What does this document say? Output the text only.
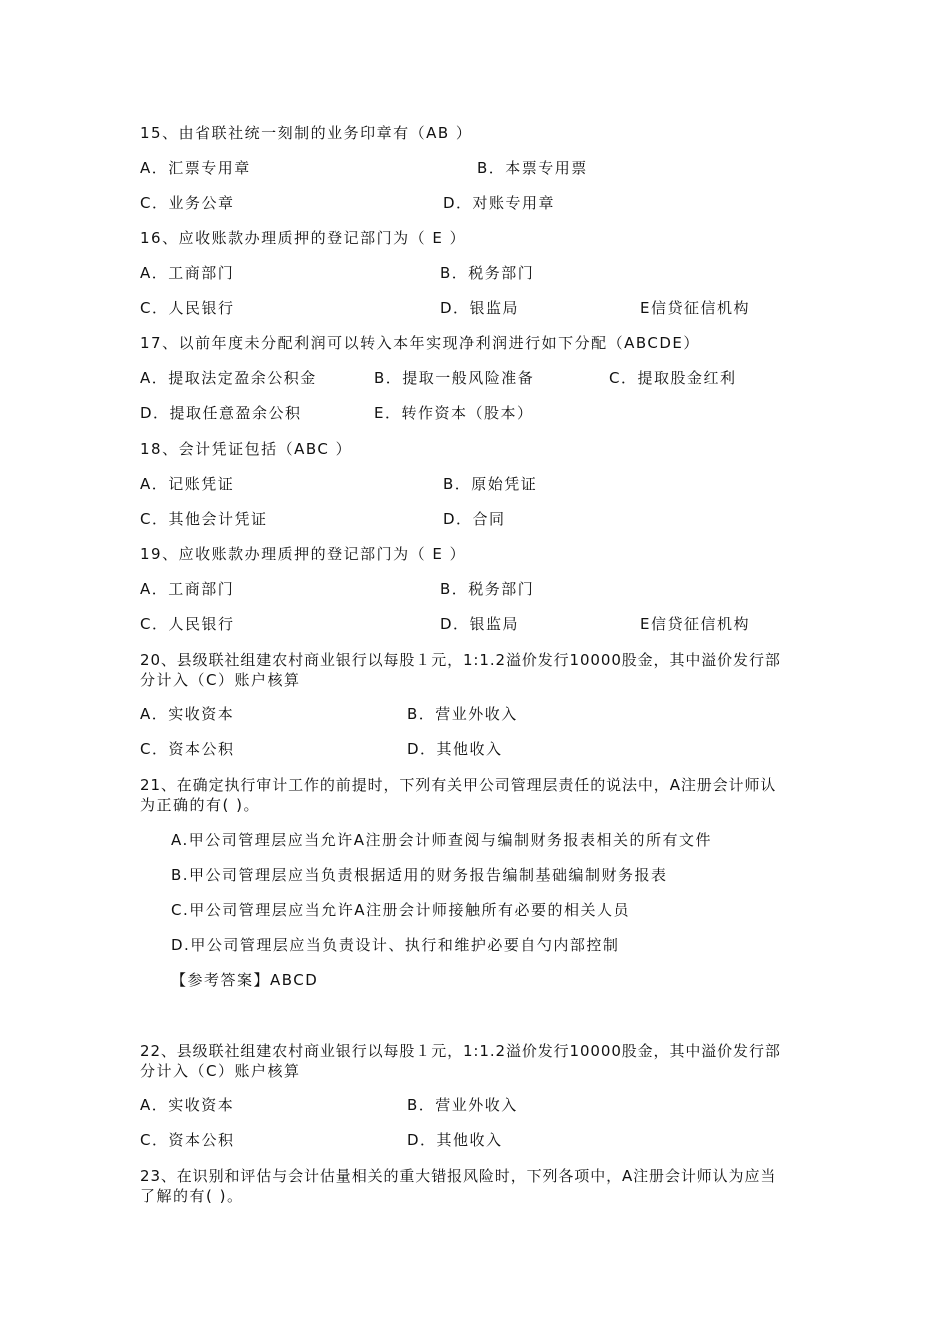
15、由省联社统一刻制的业务印章有（AB ）
A．汇票专用章	B．本票专用票
C．业务公章	D．对账专用章
16、应收账款办理质押的登记部门为（ E ）
A．工商部门	B．税务部门
C．人民银行	D．银监局	E信贷征信机构
17、以前年度未分配利润可以转入本年实现净利润进行如下分配（ABCDE）
A．提取法定盈余公积金	B．提取一般风险准备	C．提取股金红利
D．提取任意盈余公积	E．转作资本（股本）
18、会计凭证包括（ABC ）
A．记账凭证	B．原始凭证
C．其他会计凭证	D．合同
19、应收账款办理质押的登记部门为（ E ）
A．工商部门	B．税务部门
C．人民银行	D．银监局	E信贷征信机构
20、县级联社组建农村商业银行以每股１元，1:1.2溢价发行10000股金，其中溢价发行部
分计入（C）账户核算
A．实收资本	B．营业外收入
C．资本公积	D．其他收入
21、在确定执行审计工作的前提时，下列有关甲公司管理层责任的说法中，A注册会计师认
为正确的有( )。
A.甲公司管理层应当允许A注册会计师查阅与编制财务报表相关的所有文件
B.甲公司管理层应当负责根据适用的财务报告编制基础编制财务报表
C.甲公司管理层应当允许A注册会计师接触所有必要的相关人员
D.甲公司管理层应当负责设计、执行和维护必要自勺内部控制
【参考答案】ABCD
22、县级联社组建农村商业银行以每股１元，1:1.2溢价发行10000股金，其中溢价发行部
分计入（C）账户核算
A．实收资本	B．营业外收入
C．资本公积	D．其他收入
23、在识别和评估与会计估量相关的重大错报风险时，下列各项中，A注册会计师认为应当
了解的有( )。
